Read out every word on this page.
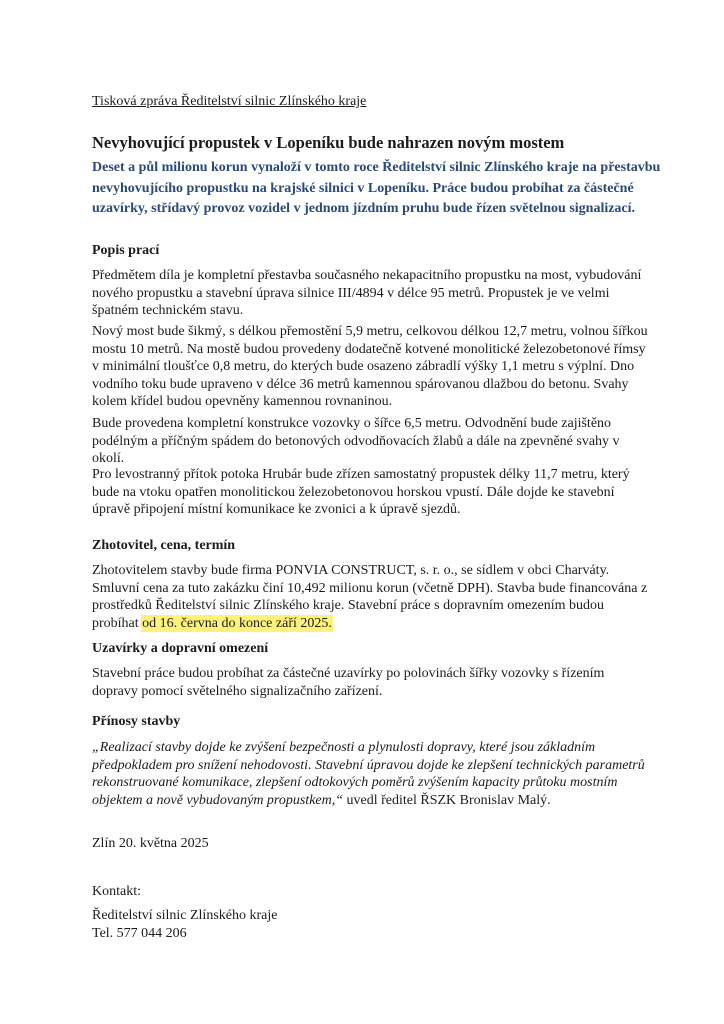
Tisková zpráva Ředitelství silnic Zlínského kraje
Nevyhovující propustek v Lopeníku bude nahrazen novým mostem

Deset a půl milionu korun vynaloží v tomto roce Ředitelství silnic Zlínského kraje na přestavbu nevyhovujícího propustku na krajské silnici v Lopeníku. Práce budou probíhat za částečné uzavírky, střídavý provoz vozidel v jednom jízdním pruhu bude řízen světelnou signalizací.

Popis prací

Předmětem díla je kompletní přestavba současného nekapacitního propustku na most, vybudování nového propustku a stavební úprava silnice III/4894 v délce 95 metrů. Propustek je ve velmi špatném technickém stavu.

Nový most bude šikmý, s délkou přemostění 5,9 metru, celkovou délkou 12,7 metru, volnou šířkou mostu 10 metrů. Na mostě budou provedeny dodatečně kotvené monolitické železobetonové římsy v minimální tloušťce 0,8 metru, do kterých bude osazeno zábradlí výšky 1,1 metru s výplní. Dno vodního toku bude upraveno v délce 36 metrů kamennou spárovanou dlažbou do betonu. Svahy kolem křídel budou opevněny kamennou rovnaninou.

Bude provedena kompletní konstrukce vozovky o šířce 6,5 metru. Odvodnění bude zajištěno podélným a příčným spádem do betonových odvodňovacích žlabů a dále na zpevněné svahy v okolí.

Pro levostranný přítok potoka Hrubár bude zřízen samostatný propustek délky 11,7 metru, který bude na vtoku opatřen monolitickou železobetonovou horskou vpustí. Dále dojde ke stavební úpravě připojení místní komunikace ke zvonici a k úpravě sjezdů.

Zhotovitel, cena, termín

Zhotovitelem stavby bude firma PONVIA CONSTRUCT, s. r. o., se sídlem v obci Charváty. Smluvní cena za tuto zakázku činí 10,492 milionu korun (včetně DPH). Stavba bude financována z prostředků Ředitelství silnic Zlínského kraje. Stavební práce s dopravním omezením budou probíhat od 16. června do konce září 2025.

Uzavírky a dopravní omezení

Stavební práce budou probíhat za částečné uzavírky po polovinách šířky vozovky s řízením dopravy pomocí světelného signalizačního zařízení.

Přínosy stavby

„Realizací stavby dojde ke zvýšení bezpečnosti a plynulosti dopravy, které jsou základním předpokladem pro snížení nehodovosti. Stavební úpravou dojde ke zlepšení technických parametrů rekonstruované komunikace, zlepšení odtokových poměrů zvýšením kapacity průtoku mostním objektem a nově vybudovaným propustkem,“ uvedl ředitel ŘSZK Bronislav Malý.

Zlín 20. května 2025
Kontakt:
Ředitelství silnic Zlínského kraje
Tel. 577 044 206
